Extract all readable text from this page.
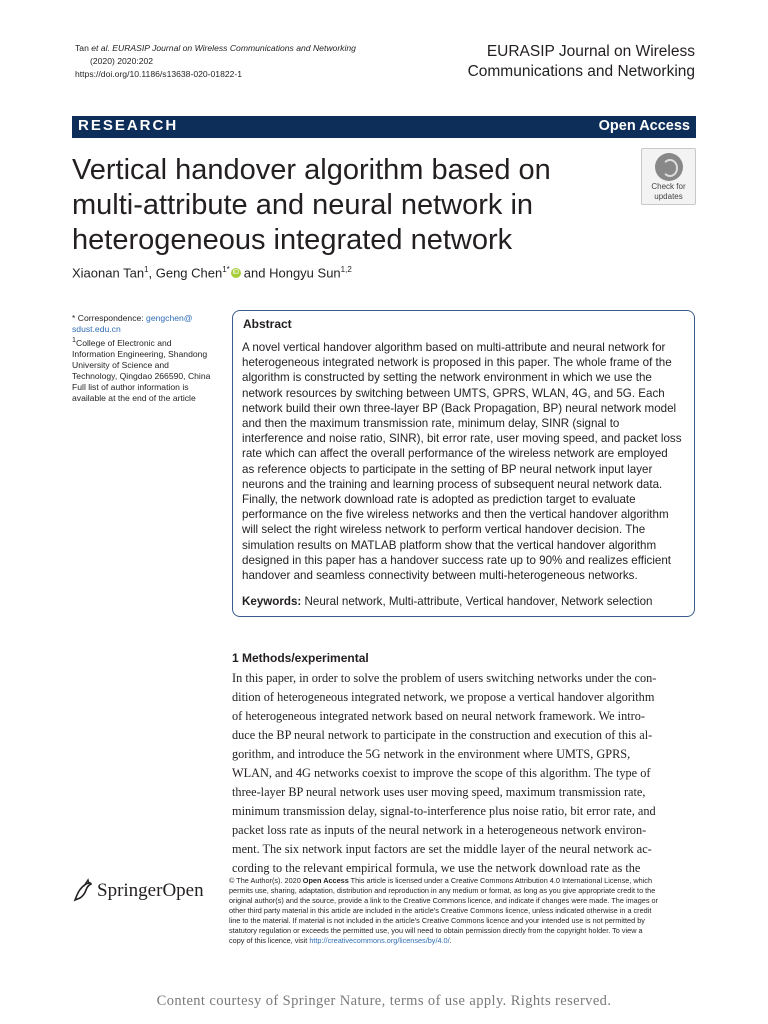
Tan et al. EURASIP Journal on Wireless Communications and Networking
(2020) 2020:202
https://doi.org/10.1186/s13638-020-01822-1
EURASIP Journal on Wireless
Communications and Networking
RESEARCH	Open Access
Vertical handover algorithm based on
multi-attribute and neural network in
heterogeneous integrated network
Check for
updates
Xiaonan Tan$^1$, Geng Chen$^{1*}$ iD and Hongyu Sun$^{1,2}$
* Correspondence: gengchen@
sdust.edu.cn
$^1$College of Electronic and
Information Engineering, Shandong
University of Science and
Technology, Qingdao 266590, China
Full list of author information is
available at the end of the article
Abstract
A novel vertical handover algorithm based on multi-attribute and neural network for
heterogeneous integrated network is proposed in this paper. The whole frame of the
algorithm is constructed by setting the network environment in which we use the
network resources by switching between UMTS, GPRS, WLAN, 4G, and 5G. Each
network build their own three-layer BP (Back Propagation, BP) neural network model
and then the maximum transmission rate, minimum delay, SINR (signal to
interference and noise ratio, SINR), bit error rate, user moving speed, and packet loss
rate which can affect the overall performance of the wireless network are employed
as reference objects to participate in the setting of BP neural network input layer
neurons and the training and learning process of subsequent neural network data.
Finally, the network download rate is adopted as prediction target to evaluate
performance on the five wireless networks and then the vertical handover algorithm
will select the right wireless network to perform vertical handover decision. The
simulation results on MATLAB platform show that the vertical handover algorithm
designed in this paper has a handover success rate up to 90% and realizes efficient
handover and seamless connectivity between multi-heterogeneous networks.
Keywords: Neural network, Multi-attribute, Vertical handover, Network selection
1 Methods/experimental
In this paper, in order to solve the problem of users switching networks under the con-
dition of heterogeneous integrated network, we propose a vertical handover algorithm
of heterogeneous integrated network based on neural network framework. We intro-
duce the BP neural network to participate in the construction and execution of this al-
gorithm, and introduce the 5G network in the environment where UMTS, GPRS,
WLAN, and 4G networks coexist to improve the scope of this algorithm. The type of
three-layer BP neural network uses user moving speed, maximum transmission rate,
minimum transmission delay, signal-to-interference plus noise ratio, bit error rate, and
packet loss rate as inputs of the neural network in a heterogeneous network environ-
ment. The six network input factors are set the middle layer of the neural network ac-
cording to the relevant empirical formula, we use the network download rate as the
SpringerOpen	© The Author(s). 2020 Open Access This article is licensed under a Creative Commons Attribution 4.0 International License, which
permits use, sharing, adaptation, distribution and reproduction in any medium or format, as long as you give appropriate credit to the
original author(s) and the source, provide a link to the Creative Commons licence, and indicate if changes were made. The images or
other third party material in this article are included in the article's Creative Commons licence, unless indicated otherwise in a credit
line to the material. If material is not included in the article's Creative Commons licence and your intended use is not permitted by
statutory regulation or exceeds the permitted use, you will need to obtain permission directly from the copyright holder. To view a
copy of this licence, visit http://creativecommons.org/licenses/by/4.0/.
Content courtesy of Springer Nature, terms of use apply. Rights reserved.
